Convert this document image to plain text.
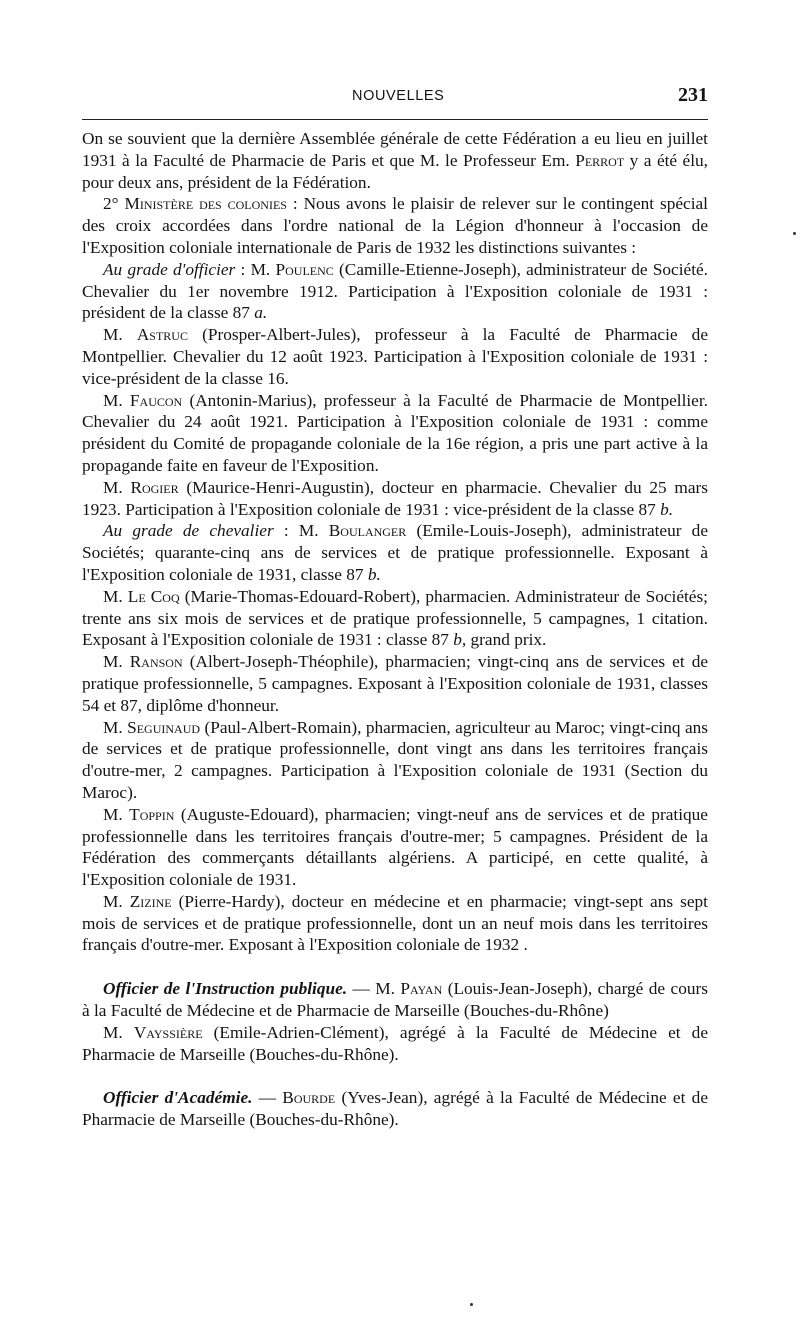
NOUVELLES	231

On se souvient que la dernière Assemblée générale de cette Fédération a eu lieu en juillet 1931 à la Faculté de Pharmacie de Paris et que M. le Professeur Em. Perrot y a été élu, pour deux ans, président de la Fédération.

2° Ministère des colonies : Nous avons le plaisir de relever sur le contingent spécial des croix accordées dans l'ordre national de la Légion d'honneur à l'occasion de l'Exposition coloniale internationale de Paris de 1932 les distinctions suivantes :

Au grade d'officier : M. Poulenc (Camille-Etienne-Joseph), administrateur de Société. Chevalier du 1er novembre 1912. Participation à l'Exposition coloniale de 1931 : président de la classe 87 a.

M. Astruc (Prosper-Albert-Jules), professeur à la Faculté de Pharmacie de Montpellier. Chevalier du 12 août 1923. Participation à l'Exposition coloniale de 1931 : vice-président de la classe 16.

M. Faucon (Antonin-Marius), professeur à la Faculté de Pharmacie de Montpellier. Chevalier du 24 août 1921. Participation à l'Exposition coloniale de 1931 : comme président du Comité de propagande coloniale de la 16e région, a pris une part active à la propagande faite en faveur de l'Exposition.

M. Rogier (Maurice-Henri-Augustin), docteur en pharmacie. Chevalier du 25 mars 1923. Participation à l'Exposition coloniale de 1931 : vice-président de la classe 87 b.

Au grade de chevalier : M. Boulanger (Emile-Louis-Joseph), administrateur de Sociétés; quarante-cinq ans de services et de pratique professionnelle. Exposant à l'Exposition coloniale de 1931, classe 87 b.

M. Le Coq (Marie-Thomas-Edouard-Robert), pharmacien. Administrateur de Sociétés; trente ans six mois de services et de pratique professionnelle, 5 campagnes, 1 citation. Exposant à l'Exposition coloniale de 1931 : classe 87 b, grand prix.

M. Ranson (Albert-Joseph-Théophile), pharmacien; vingt-cinq ans de services et de pratique professionnelle, 5 campagnes. Exposant à l'Exposition coloniale de 1931, classes 54 et 87, diplôme d'honneur.

M. Seguinaud (Paul-Albert-Romain), pharmacien, agriculteur au Maroc; vingt-cinq ans de services et de pratique professionnelle, dont vingt ans dans les territoires français d'outre-mer, 2 campagnes. Participation à l'Exposition coloniale de 1931 (Section du Maroc).

M. Toppin (Auguste-Edouard), pharmacien; vingt-neuf ans de services et de pratique professionnelle dans les territoires français d'outre-mer; 5 campagnes. Président de la Fédération des commerçants détaillants algériens. A participé, en cette qualité, à l'Exposition coloniale de 1931.

M. Zizine (Pierre-Hardy), docteur en médecine et en pharmacie; vingt-sept ans sept mois de services et de pratique professionnelle, dont un an neuf mois dans les territoires français d'outre-mer. Exposant à l'Exposition coloniale de 1932 .

Officier de l'Instruction publique. — M. Payan (Louis-Jean-Joseph), chargé de cours à la Faculté de Médecine et de Pharmacie de Marseille (Bouches-du-Rhône)

M. Vayssière (Emile-Adrien-Clément), agrégé à la Faculté de Médecine et de Pharmacie de Marseille (Bouches-du-Rhône).

Officier d'Académie. — Bourde (Yves-Jean), agrégé à la Faculté de Médecine et de Pharmacie de Marseille (Bouches-du-Rhône).
